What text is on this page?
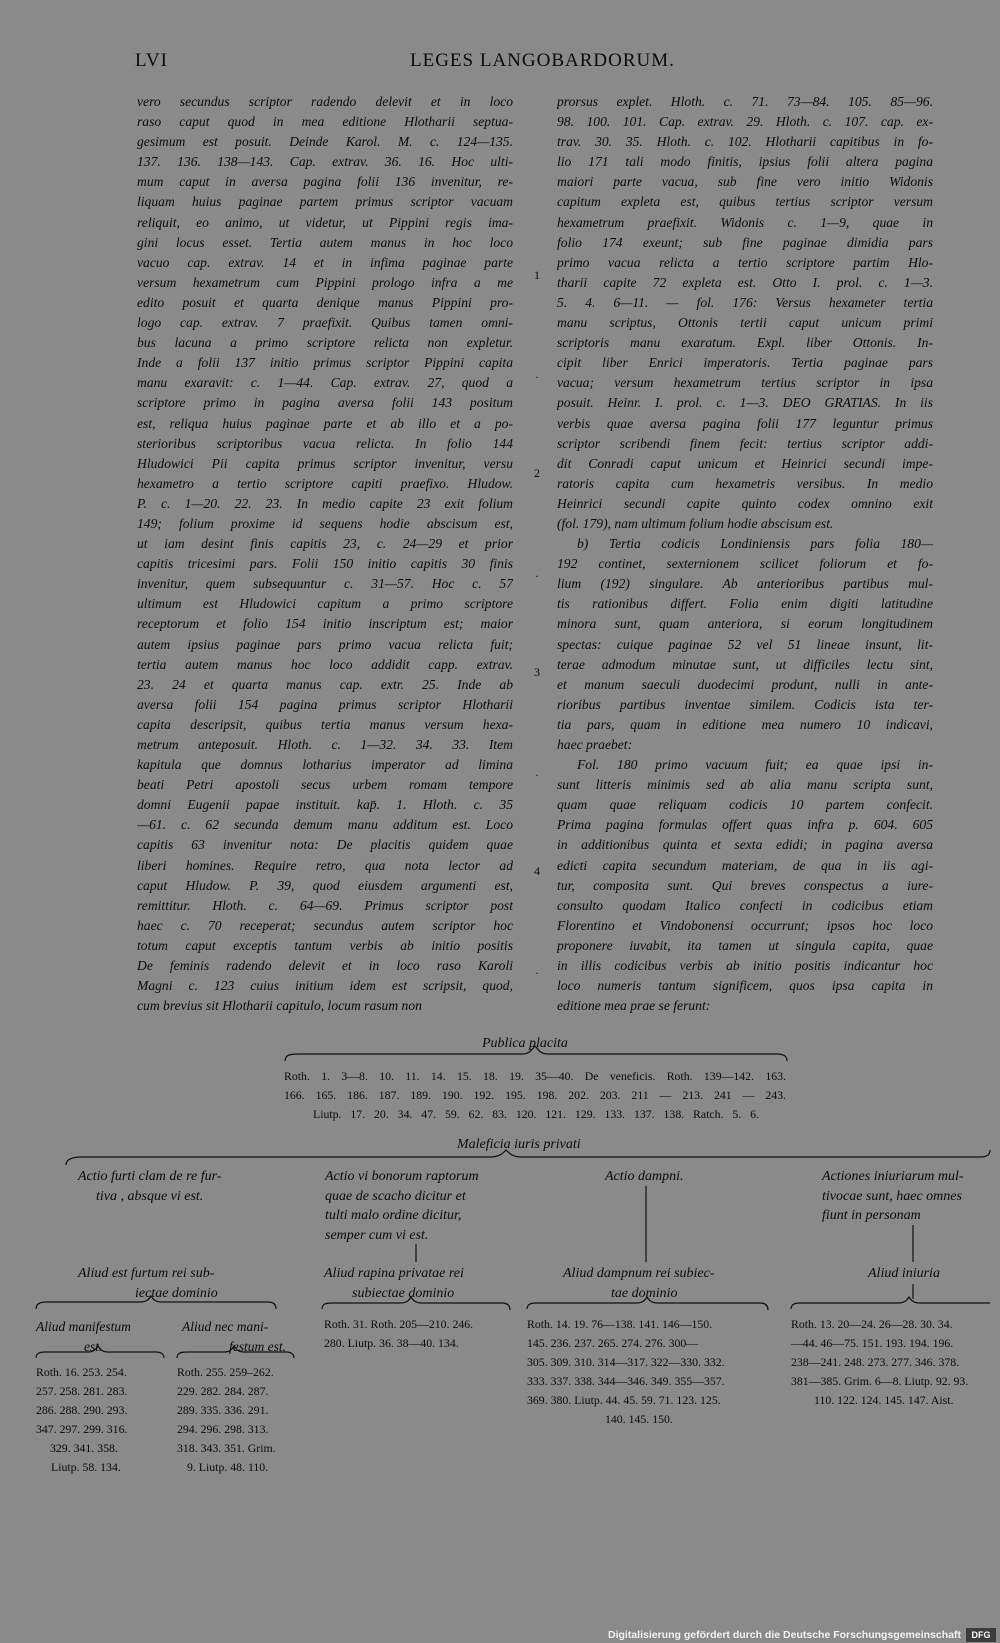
LVI	LEGES LANGOBARDORUM.
vero secundus scriptor radendo delevit et in loco
raso caput quod in mea editione Hlotharii septua-
gesimum est posuit. Deinde Karol. M. c. 124—135.
137. 136. 138—143. Cap. extrav. 36. 16. Hoc ulti-
mum caput in aversa pagina folii 136 invenitur, re-
liquam huius paginae partem primus scriptor vacuam
reliquit, eo animo, ut videtur, ut Pippini regis ima-
gini locus esset. Tertia autem manus in hoc loco
vacuo cap. extrav. 14 et in infima paginae parte
versum hexametrum cum Pippini prologo infra a me
edito posuit et quarta denique manus Pippini pro-
logo cap. extrav. 7 praefixit. Quibus tamen omni-
bus lacuna a primo scriptore relicta non expletur.
Inde a folii 137 initio primus scriptor Pippini capita
manu exaravit: c. 1—44. Cap. extrav. 27, quod a
scriptore primo in pagina aversa folii 143 positum
est, reliqua huius paginae parte et ab illo et a po-
sterioribus scriptoribus vacua relicta. In folio 144
Hludowici Pii capita primus scriptor invenitur, versu
hexametro a tertio scriptore capiti praefixo. Hludow.
P. c. 1—20. 22. 23. In medio capite 23 exit folium
149; folium proxime id sequens hodie abscisum est,
ut iam desint finis capitis 23, c. 24—29 et prior
capitis tricesimi pars. Folii 150 initio capitis 30 finis
invenitur, quem subsequuntur c. 31—57. Hoc c. 57
ultimum est Hludowici capitum a primo scriptore
receptorum et folio 154 initio inscriptum est; maior
autem ipsius paginae pars primo vacua relicta fuit;
tertia autem manus hoc loco addidit capp. extrav.
23. 24 et quarta manus cap. extr. 25. Inde ab
aversa folii 154 pagina primus scriptor Hlotharii
capita descripsit, quibus tertia manus versum hexa-
metrum anteposuit. Hloth. c. 1—32. 34. 33. Item
kapitula que domnus lotharius imperator ad limina
beati Petri apostoli secus urbem romam tempore
domni Eugenii papae instituit. kap̄. 1. Hloth. c. 35
—61. c. 62 secunda demum manu additum est. Loco
capitis 63 invenitur nota: De placitis quidem quae
liberi homines. Require retro, qua nota lector ad
caput Hludow. P. 39, quod eiusdem argumenti est,
remittitur. Hloth. c. 64—69. Primus scriptor post
haec c. 70 receperat; secundus autem scriptor hoc
totum caput exceptis tantum verbis ab initio positis
De feminis radendo delevit et in loco raso Karoli
Magni c. 123 cuius initium idem est scripsit, quod,
cum brevius sit Hlotharii capitulo, locum rasum non
prorsus explet. Hloth. c. 71. 73—84. 105. 85—96.
98. 100. 101. Cap. extrav. 29. Hloth. c. 107. cap. ex-
trav. 30. 35. Hloth. c. 102. Hlotharii capitibus in fo-
lio 171 tali modo finitis, ipsius folii altera pagina
maiori parte vacua, sub fine vero initio Widonis
capitum expleta est, quibus tertius scriptor versum
hexametrum praefixit. Widonis c. 1—9, quae in
folio 174 exeunt; sub fine paginae dimidia pars
primo vacua relicta a tertio scriptore partim Hlo-
tharii capite 72 expleta est. Otto I. prol. c. 1—3.
5. 4. 6—11. — fol. 176: Versus hexameter tertia
manu scriptus, Ottonis tertii caput unicum primi
scriptoris manu exaratum. Expl. liber Ottonis. In-
cipit liber Enrici imperatoris. Tertia paginae pars
vacua; versum hexametrum tertius scriptor in ipsa
posuit. Heinr. I. prol. c. 1—3. DEO GRATIAS. In iis
verbis quae aversa pagina folii 177 leguntur primus
scriptor scribendi finem fecit: tertius scriptor addi-
dit Conradi caput unicum et Heinrici secundi impe-
ratoris capita cum hexametris versibus. In medio
Heinrici secundi capite quinto codex omnino exit
(fol. 179), nam ultimum folium hodie abscisum est.
b) Tertia codicis Londiniensis pars folia 180—
192 continet, sexternionem scilicet foliorum et fo-
lium (192) singulare. Ab anterioribus partibus mul-
tis rationibus differt. Folia enim digiti latitudine
minora sunt, quam anteriora, si eorum longitudinem
spectas: cuique paginae 52 vel 51 lineae insunt, lit-
terae admodum minutae sunt, ut difficiles lectu sint,
et manum saeculi duodecimi produnt, nulli in ante-
rioribus partibus inventae similem. Codicis ista ter-
tia pars, quam in editione mea numero 10 indicavi,
haec praebet:
Fol. 180 primo vacuum fuit; ea quae ipsi in-
sunt litteris minimis sed ab alia manu scripta sunt,
quam quae reliquam codicis 10 partem confecit.
Prima pagina formulas offert quas infra p. 604. 605
in additionibus quinta et sexta edidi; in pagina aversa
edicti capita secundum materiam, de qua in iis agi-
tur, composita sunt. Qui breves conspectus a iure-
consulto quodam Italico confecti in codicibus etiam
Florentino et Vindobonensi occurrunt; ipsos hoc loco
proponere iuvabit, ita tamen ut singula capita, quae
in illis codicibus verbis ab initio positis indicantur hoc
loco numeris tantum significem, quos ipsa capita in
editione mea prae se ferunt:
1
.
2
.
3
.
4
.
Publica placita
Roth. 1. 3—8. 10. 11. 14. 15. 18. 19. 35—40. De veneficis. Roth. 139—142. 163.
166. 165. 186. 187. 189. 190. 192. 195. 198. 202. 203. 211 — 213. 241 — 243.
Liutp. 17. 20. 34. 47. 59. 62. 83. 120. 121. 129. 133. 137. 138. Ratch. 5. 6.
Maleficia iuris privati
Actio furti clam de re fur-
tiva , absque vi est.
Actio vi bonorum raptorum
quae de scacho dicitur et
tulti malo ordine dicitur,
semper cum vi est.
Actio dampni.	Actiones iniuriarum mul-
tivocae sunt, haec omnes
fiunt in personam
Aliud est furtum rei sub-
iectae dominio
Aliud rapina privatae rei
subiectae dominio
Aliud dampnum rei subiec-
tae dominio
Aliud iniuria
Aliud manifestum
est.
Aliud nec mani-
festum est.
Roth. 16. 253. 254.
257. 258. 281. 283.
286. 288. 290. 293.
347. 297. 299. 316.
329. 341. 358.
Liutp. 58. 134.
Roth. 255. 259–262.
229. 282. 284. 287.
289. 335. 336. 291.
294. 296. 298. 313.
318. 343. 351. Grim.
9. Liutp. 48. 110.
Roth. 31. Roth. 205—210. 246.
280. Liutp. 36. 38—40. 134.
Roth. 14. 19. 76—138. 141. 146—150.
145. 236. 237. 265. 274. 276. 300—
305. 309. 310. 314—317. 322—330. 332.
333. 337. 338. 344—346. 349. 355—357.
369. 380. Liutp. 44. 45. 59. 71. 123. 125.
140. 145. 150.
Roth. 13. 20—24. 26—28. 30. 34.
—44. 46—75. 151. 193. 194. 196.
238—241. 248. 273. 277. 346. 378.
381—385. Grim. 6—8. Liutp. 92. 93.
110. 122. 124. 145. 147. Aist.
Digitalisierung gefördert durch die Deutsche Forschungsgemeinschaft	DFG
